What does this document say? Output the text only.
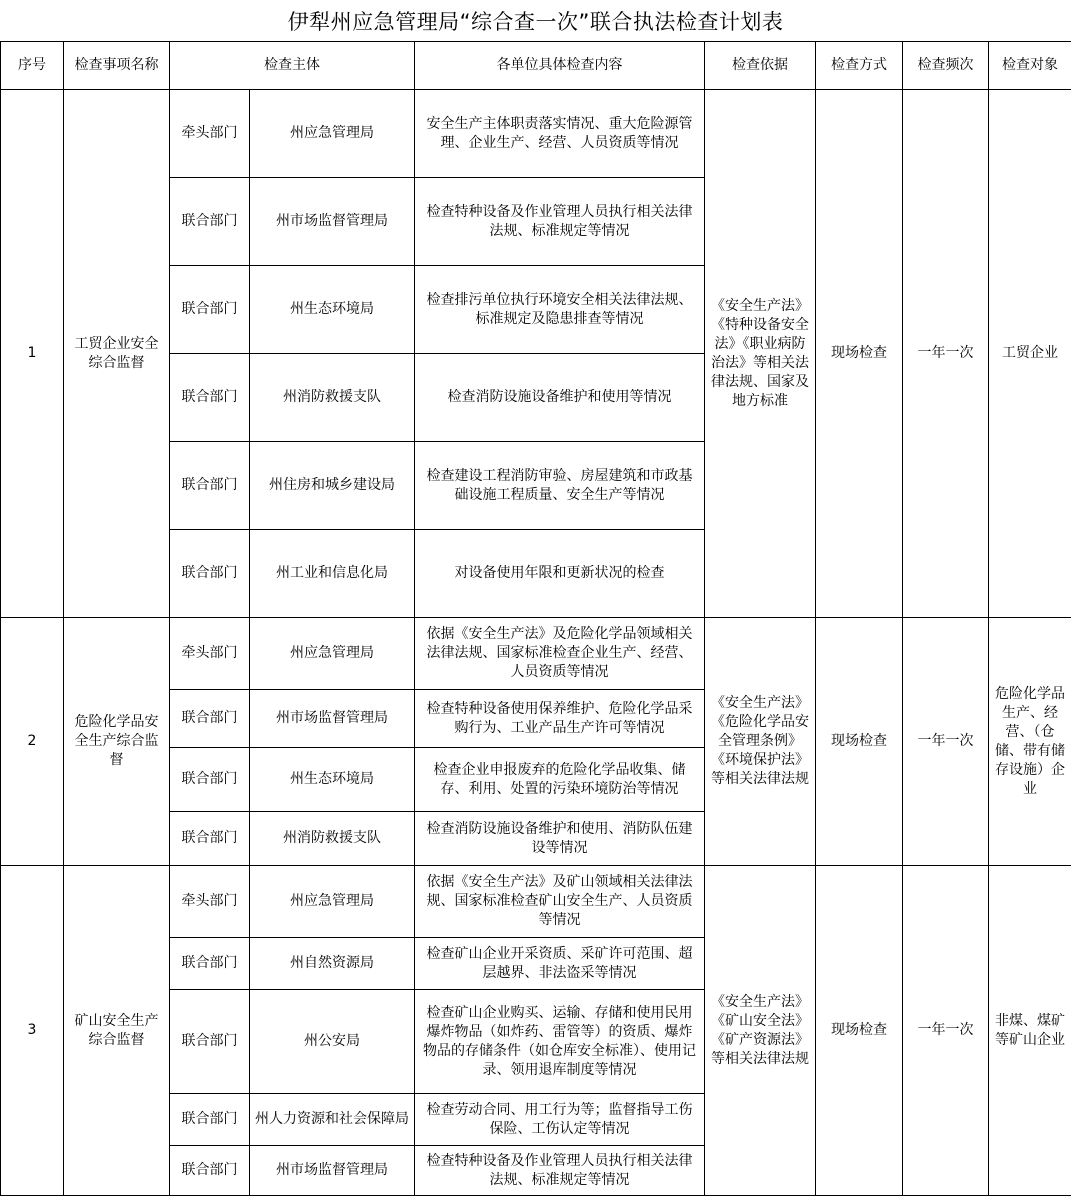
伊犁州应急管理局“综合查一次”联合执法检查计划表
序号	检查事项名称	检查主体		各单位具体检查内容	检查依据	检查方式	检查频次	检查对象
1	工贸企业安全综合监督	牵头部门	州应急管理局	安全生产主体职责落实情况、重大危险源管理、企业生产、经营、人员资质等情况	《安全生产法》《特种设备安全法》《职业病防治法》等相关法律法规、国家及地方标准	现场检查	一年一次	工贸企业
		联合部门	州市场监督管理局	检查特种设备及作业管理人员执行相关法律法规、标准规定等情况				
		联合部门	州生态环境局	检查排污单位执行环境安全相关法律法规、标准规定及隐患排查等情况				
		联合部门	州消防救援支队	检查消防设施设备维护和使用等情况				
		联合部门	州住房和城乡建设局	检查建设工程消防审验、房屋建筑和市政基础设施工程质量、安全生产等情况				
		联合部门	州工业和信息化局	对设备使用年限和更新状况的检查				
2	危险化学品安全生产综合监督	牵头部门	州应急管理局	依据《安全生产法》及危险化学品领域相关法律法规、国家标准检查企业生产、经营、人员资质等情况	《安全生产法》《危险化学品安全管理条例》《环境保护法》等相关法律法规	现场检查	一年一次	危险化学品生产、经营、（仓储、带有储存设施）企业
		联合部门	州市场监督管理局	检查特种设备使用保养维护、危险化学品采购行为、工业产品生产许可等情况				
		联合部门	州生态环境局	检查企业申报废弃的危险化学品收集、储存、利用、处置的污染环境防治等情况				
		联合部门	州消防救援支队	检查消防设施设备维护和使用、消防队伍建设等情况				
3	矿山安全生产综合监督	牵头部门	州应急管理局	依据《安全生产法》及矿山领域相关法律法规、国家标准检查矿山安全生产、人员资质等情况	《安全生产法》《矿山安全法》《矿产资源法》等相关法律法规	现场检查	一年一次	非煤、煤矿等矿山企业
		联合部门	州自然资源局	检查矿山企业开采资质、采矿许可范围、超层越界、非法盗采等情况				
		联合部门	州公安局	检查矿山企业购买、运输、存储和使用民用爆炸物品（如炸药、雷管等）的资质、爆炸物品的存储条件（如仓库安全标准）、使用记录、领用退库制度等情况				
		联合部门	州人力资源和社会保障局	检查劳动合同、用工行为等；监督指导工伤保险、工伤认定等情况				
		联合部门	州市场监督管理局	检查特种设备及作业管理人员执行相关法律法规、标准规定等情况				
